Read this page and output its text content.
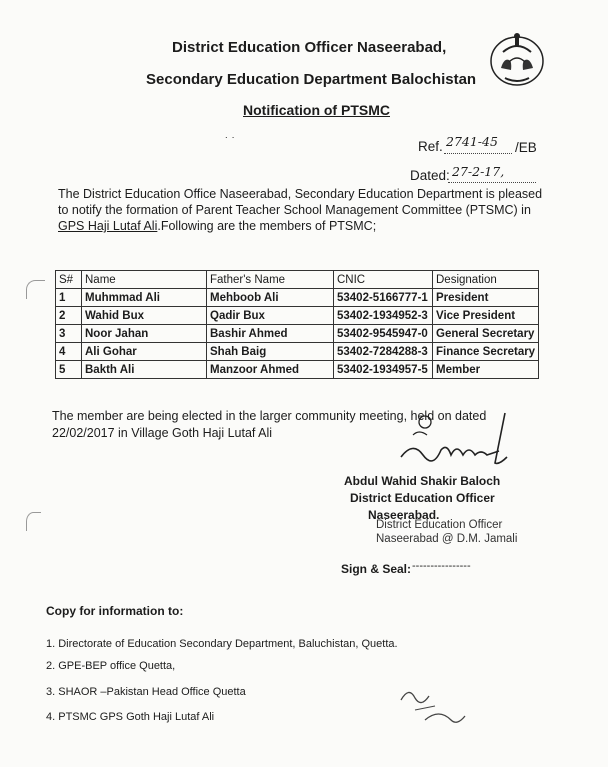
District Education Officer Naseerabad,
Secondary Education Department Balochistan
Notification of PTSMC
˙ ˙	Ref. 2741-45 /EB
Dated: 27-2-17,
The District Education Office Naseerabad, Secondary Education Department is pleased to notify the formation of Parent Teacher School Management Committee (PTSMC) in GPS Haji Lutaf Ali.Following are the members of PTSMC;
S#	Name	Father's Name	CNIC	Designation
1	Muhmmad Ali	Mehboob Ali	53402-5166777-1	President
2	Wahid Bux	Qadir Bux	53402-1934952-3	Vice President
3	Noor Jahan	Bashir Ahmed	53402-9545947-0	General Secretary
4	Ali Gohar	Shah Baig	53402-7284288-3	Finance Secretary
5	Bakth Ali	Manzoor Ahmed	53402-1934957-5	Member
The member are being elected in the larger community meeting, held on dated
22/02/2017 in Village Goth Haji Lutaf Ali
Abdul Wahid Shakir Baloch
District Education Officer
Naseerabad.
District Education Officer
Naseerabad @ D.M. Jamali
Sign & Seal: ----------------
Copy for information to:
1. Directorate of Education Secondary Department, Baluchistan, Quetta.
2. GPE-BEP office Quetta,
3. SHAOR –Pakistan Head Office Quetta
4. PTSMC GPS Goth Haji Lutaf Ali
